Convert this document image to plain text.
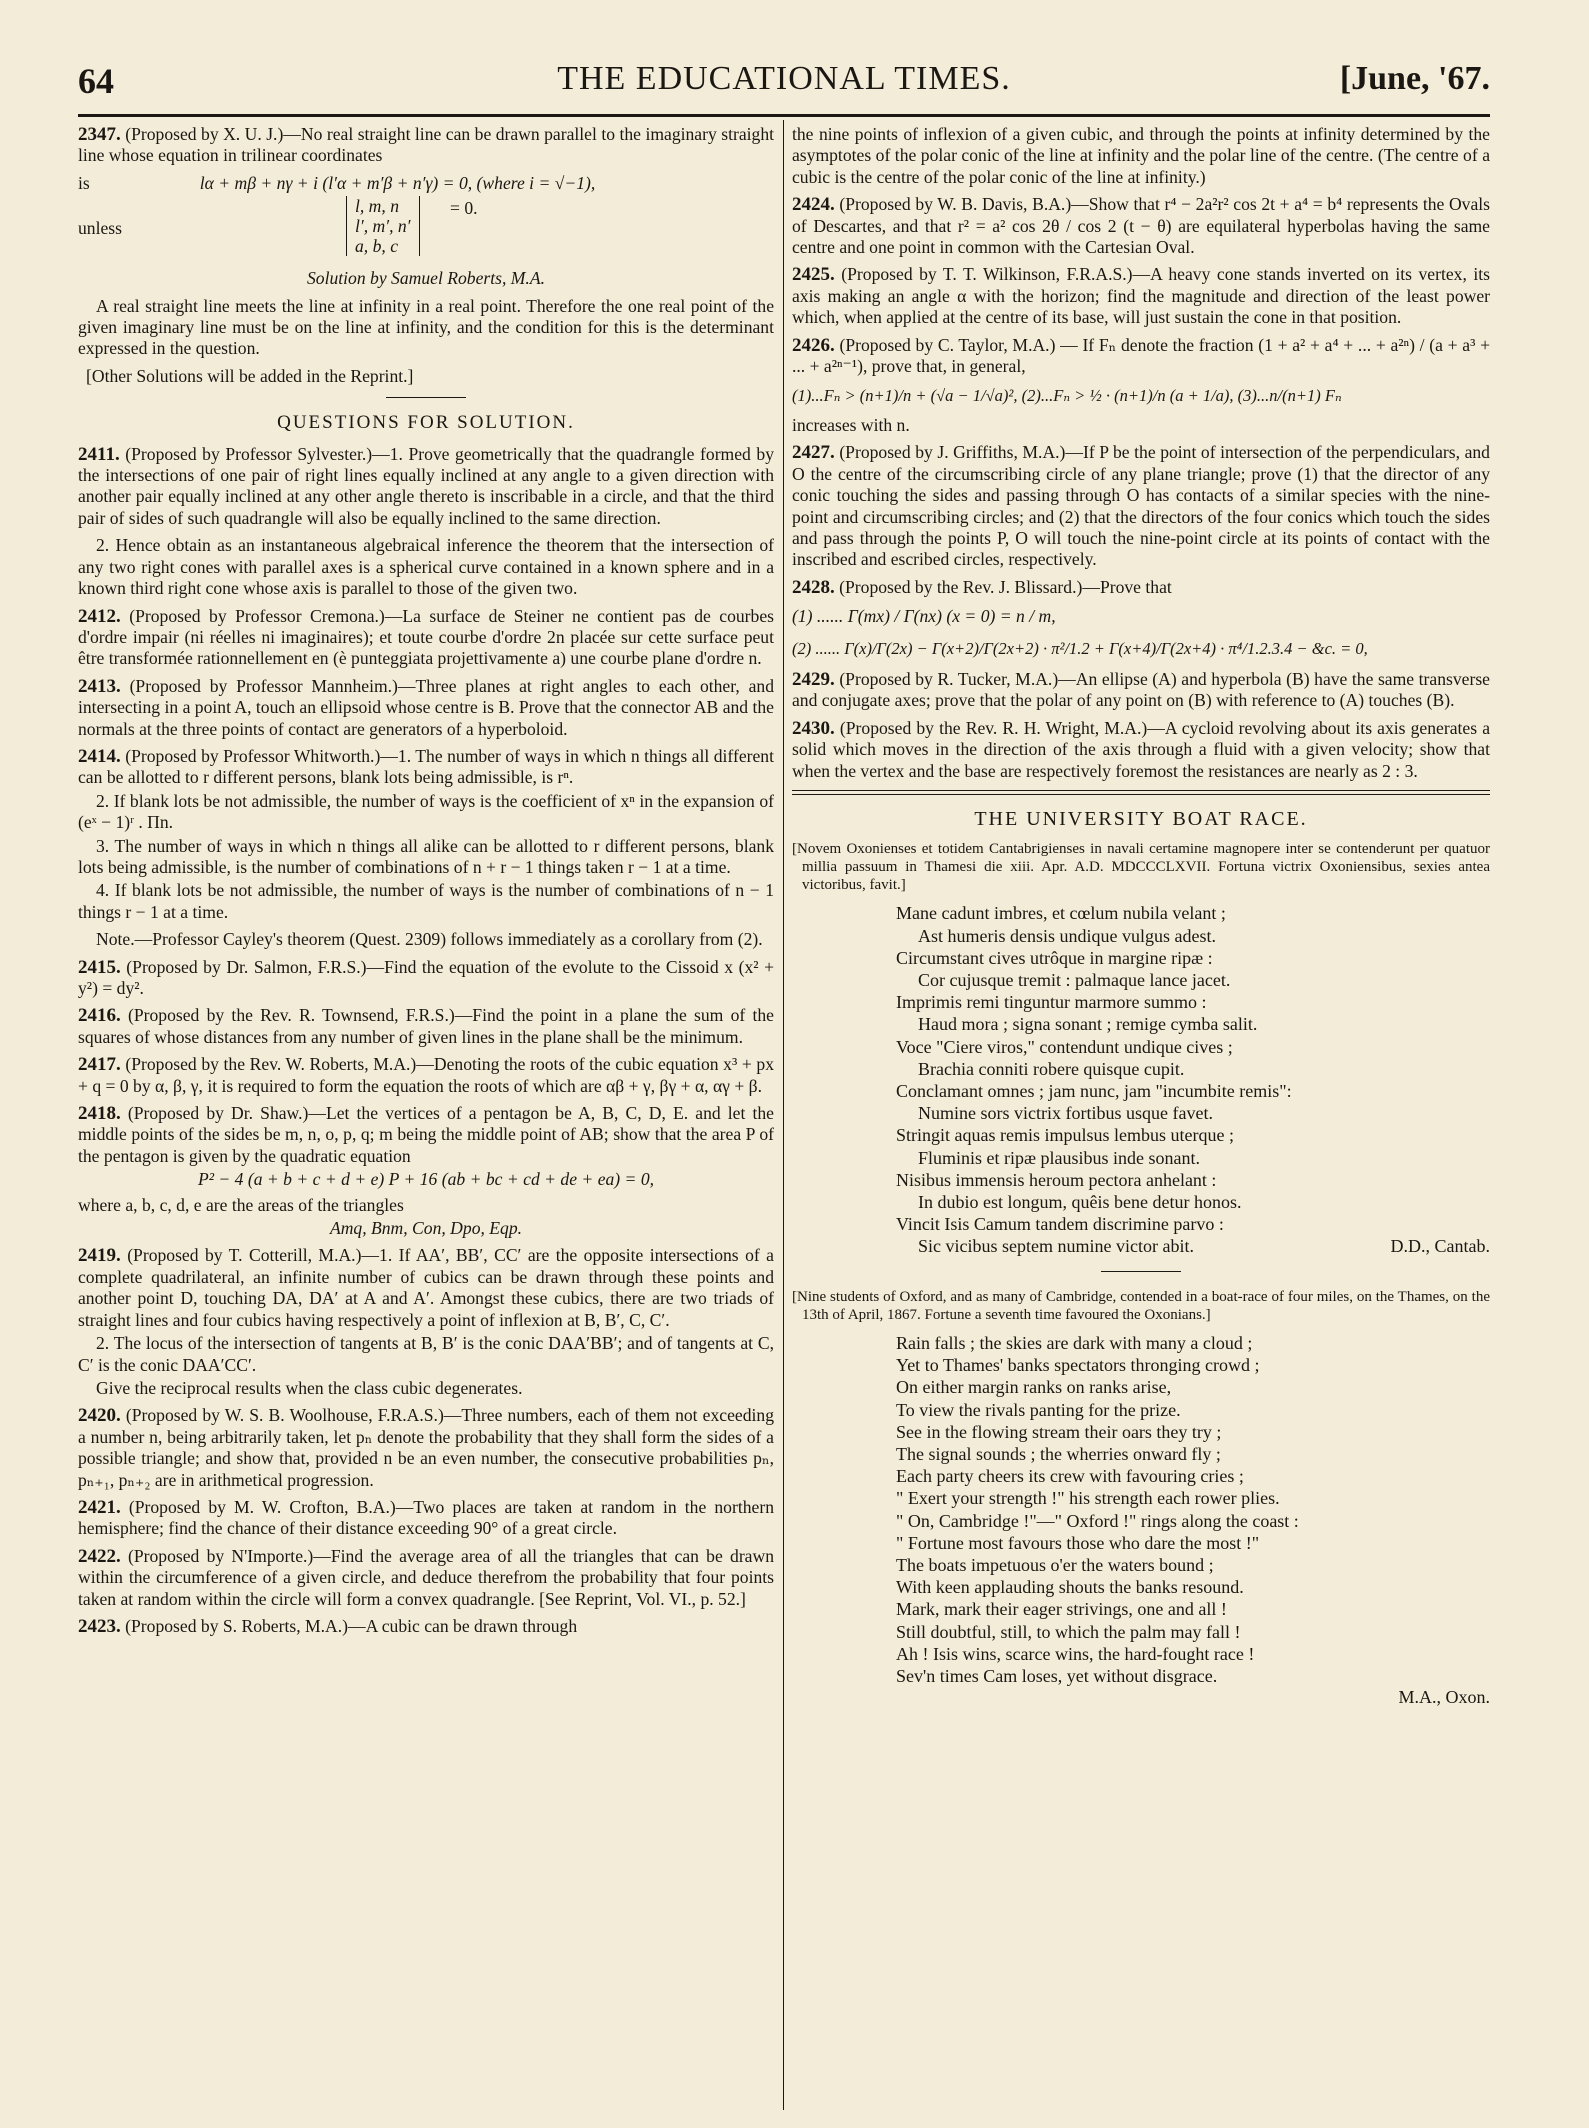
64	THE EDUCATIONAL TIMES.	[June, '67.

2347. (Proposed by X. U. J.)—No real straight line can be drawn parallel to the imaginary straight line whose equation in trilinear coordinates

is	lα + mβ + nγ + i (l′α + m′β + n′γ) = 0, (where i = √−1),

unless
l, m, n
l′, m′, n′
a, b, c
= 0.

Solution by Samuel Roberts, M.A.

A real straight line meets the line at infinity in a real point. Therefore the one real point of the given imaginary line must be on the line at infinity, and the condition for this is the determinant expressed in the question.

[Other Solutions will be added in the Reprint.]

QUESTIONS FOR SOLUTION.

2411. (Proposed by Professor Sylvester.)—1. Prove geometrically that the quadrangle formed by the intersections of one pair of right lines equally inclined at any angle to a given direction with another pair equally inclined at any other angle thereto is inscribable in a circle, and that the third pair of sides of such quadrangle will also be equally inclined to the same direction.

2. Hence obtain as an instantaneous algebraical inference the theorem that the intersection of any two right cones with parallel axes is a spherical curve contained in a known sphere and in a known third right cone whose axis is parallel to those of the given two.

2412. (Proposed by Professor Cremona.)—La surface de Steiner ne contient pas de courbes d'ordre impair (ni réelles ni imaginaires); et toute courbe d'ordre 2n placée sur cette surface peut être transformée rationnellement en (è punteggiata projettivamente a) une courbe plane d'ordre n.

2413. (Proposed by Professor Mannheim.)—Three planes at right angles to each other, and intersecting in a point A, touch an ellipsoid whose centre is B. Prove that the connector AB and the normals at the three points of contact are generators of a hyperboloid.

2414. (Proposed by Professor Whitworth.)—1. The number of ways in which n things all different can be allotted to r different persons, blank lots being admissible, is rⁿ.

2. If blank lots be not admissible, the number of ways is the coefficient of xⁿ in the expansion of (eˣ − 1)ʳ . Πn.

3. The number of ways in which n things all alike can be allotted to r different persons, blank lots being admissible, is the number of combinations of n + r − 1 things taken r − 1 at a time.

4. If blank lots be not admissible, the number of ways is the number of combinations of n − 1 things r − 1 at a time.

Note.—Professor Cayley's theorem (Quest. 2309) follows immediately as a corollary from (2).

2415. (Proposed by Dr. Salmon, F.R.S.)—Find the equation of the evolute to the Cissoid x (x² + y²) = dy².

2416. (Proposed by the Rev. R. Townsend, F.R.S.)—Find the point in a plane the sum of the squares of whose distances from any number of given lines in the plane shall be the minimum.

2417. (Proposed by the Rev. W. Roberts, M.A.)—Denoting the roots of the cubic equation x³ + px + q = 0 by α, β, γ, it is required to form the equation the roots of which are αβ + γ, βγ + α, αγ + β.

2418. (Proposed by Dr. Shaw.)—Let the vertices of a pentagon be A, B, C, D, E. and let the middle points of the sides be m, n, o, p, q; m being the middle point of AB; show that the area P of the pentagon is given by the quadratic equation

P² − 4 (a + b + c + d + e) P + 16 (ab + bc + cd + de + ea) = 0,
where a, b, c, d, e are the areas of the triangles
Amq, Bnm, Con, Dpo, Eqp.

2419. (Proposed by T. Cotterill, M.A.)—1. If AA′, BB′, CC′ are the opposite intersections of a complete quadrilateral, an infinite number of cubics can be drawn through these points and another point D, touching DA, DA′ at A and A′. Amongst these cubics, there are two triads of straight lines and four cubics having respectively a point of inflexion at B, B′, C, C′.

2. The locus of the intersection of tangents at B, B′ is the conic DAA′BB′; and of tangents at C, C′ is the conic DAA′CC′.

Give the reciprocal results when the class cubic degenerates.

2420. (Proposed by W. S. B. Woolhouse, F.R.A.S.)—Three numbers, each of them not exceeding a number n, being arbitrarily taken, let pₙ denote the probability that they shall form the sides of a possible triangle; and show that, provided n be an even number, the consecutive probabilities pₙ, pₙ₊₁, pₙ₊₂ are in arithmetical progression.

2421. (Proposed by M. W. Crofton, B.A.)—Two places are taken at random in the northern hemisphere; find the chance of their distance exceeding 90° of a great circle.

2422. (Proposed by N'Importe.)—Find the average area of all the triangles that can be drawn within the circumference of a given circle, and deduce therefrom the probability that four points taken at random within the circle will form a convex quadrangle. [See Reprint, Vol. VI., p. 52.]

2423. (Proposed by S. Roberts, M.A.)—A cubic can be drawn through

the nine points of inflexion of a given cubic, and through the points at infinity determined by the asymptotes of the polar conic of the line at infinity and the polar line of the centre. (The centre of a cubic is the centre of the polar conic of the line at infinity.)

2424. (Proposed by W. B. Davis, B.A.)—Show that r⁴ − 2a²r² cos 2t + a⁴ = b⁴ represents the Ovals of Descartes, and that r² = a² cos 2θ / cos 2 (t − θ) are equilateral hyperbolas having the same centre and one point in common with the Cartesian Oval.

2425. (Proposed by T. T. Wilkinson, F.R.A.S.)—A heavy cone stands inverted on its vertex, its axis making an angle α with the horizon; find the magnitude and direction of the least power which, when applied at the centre of its base, will just sustain the cone in that position.

2426. (Proposed by C. Taylor, M.A.) — If Fₙ denote the fraction (1 + a² + a⁴ + ... + a²ⁿ) / (a + a³ + ... + a²ⁿ⁻¹), prove that, in general,

(1)...Fₙ > (n+1)/n + (√a − 1/√a)², (2)...Fₙ > ½ · (n+1)/n (a + 1/a), (3)...n/(n+1) Fₙ

increases with n.

2427. (Proposed by J. Griffiths, M.A.)—If P be the point of intersection of the perpendiculars, and O the centre of the circumscribing circle of any plane triangle; prove (1) that the director of any conic touching the sides and passing through O has contacts of a similar species with the nine-point and circumscribing circles; and (2) that the directors of the four conics which touch the sides and pass through the points P, O will touch the nine-point circle at its points of contact with the inscribed and escribed circles, respectively.

2428. (Proposed by the Rev. J. Blissard.)—Prove that

(1) ...... Γ(mx) / Γ(nx) (x = 0) = n / m,
(2) ...... Γ(x)/Γ(2x) − Γ(x+2)/Γ(2x+2) · π²/1.2 + Γ(x+4)/Γ(2x+4) · π⁴/1.2.3.4 − &c. = 0,

2429. (Proposed by R. Tucker, M.A.)—An ellipse (A) and hyperbola (B) have the same transverse and conjugate axes; prove that the polar of any point on (B) with reference to (A) touches (B).

2430. (Proposed by the Rev. R. H. Wright, M.A.)—A cycloid revolving about its axis generates a solid which moves in the direction of the axis through a fluid with a given velocity; show that when the vertex and the base are respectively foremost the resistances are nearly as 2 : 3.

THE UNIVERSITY BOAT RACE.
[Novem Oxonienses et totidem Cantabrigienses in navali certamine magnopere inter se contenderunt per quatuor millia passuum in Thamesi die xiii. Apr. A.D. MDCCCLXVII. Fortuna victrix Oxoniensibus, sexies antea victoribus, favit.]
Mane cadunt imbres, et cœlum nubila velant ;
Ast humeris densis undique vulgus adest.
Circumstant cives utrôque in margine ripæ :
Cor cujusque tremit : palmaque lance jacet.
Imprimis remi tinguntur marmore summo :
Haud mora ; signa sonant ; remige cymba salit.
Voce "Ciere viros," contendunt undique cives ;
Brachia conniti robere quisque cupit.
Conclamant omnes ; jam nunc, jam "incumbite remis":
Numine sors victrix fortibus usque favet.
Stringit aquas remis impulsus lembus uterque ;
Fluminis et ripæ plausibus inde sonant.
Nisibus immensis heroum pectora anhelant :
In dubio est longum, quêis bene detur honos.
Vincit Isis Camum tandem discrimine parvo :
Sic vicibus septem numine victor abit.	D.D., Cantab.
[Nine students of Oxford, and as many of Cambridge, contended in a boat-race of four miles, on the Thames, on the 13th of April, 1867. Fortune a seventh time favoured the Oxonians.]
Rain falls ; the skies are dark with many a cloud ;
Yet to Thames' banks spectators thronging crowd ;
On either margin ranks on ranks arise,
To view the rivals panting for the prize.
See in the flowing stream their oars they try ;
The signal sounds ; the wherries onward fly ;
Each party cheers its crew with favouring cries ;
" Exert your strength !" his strength each rower plies.
" On, Cambridge !"—" Oxford !" rings along the coast :
" Fortune most favours those who dare the most !"
The boats impetuous o'er the waters bound ;
With keen applauding shouts the banks resound.
Mark, mark their eager strivings, one and all !
Still doubtful, still, to which the palm may fall !
Ah ! Isis wins, scarce wins, the hard-fought race !
Sev'n times Cam loses, yet without disgrace.
M.A., Oxon.
